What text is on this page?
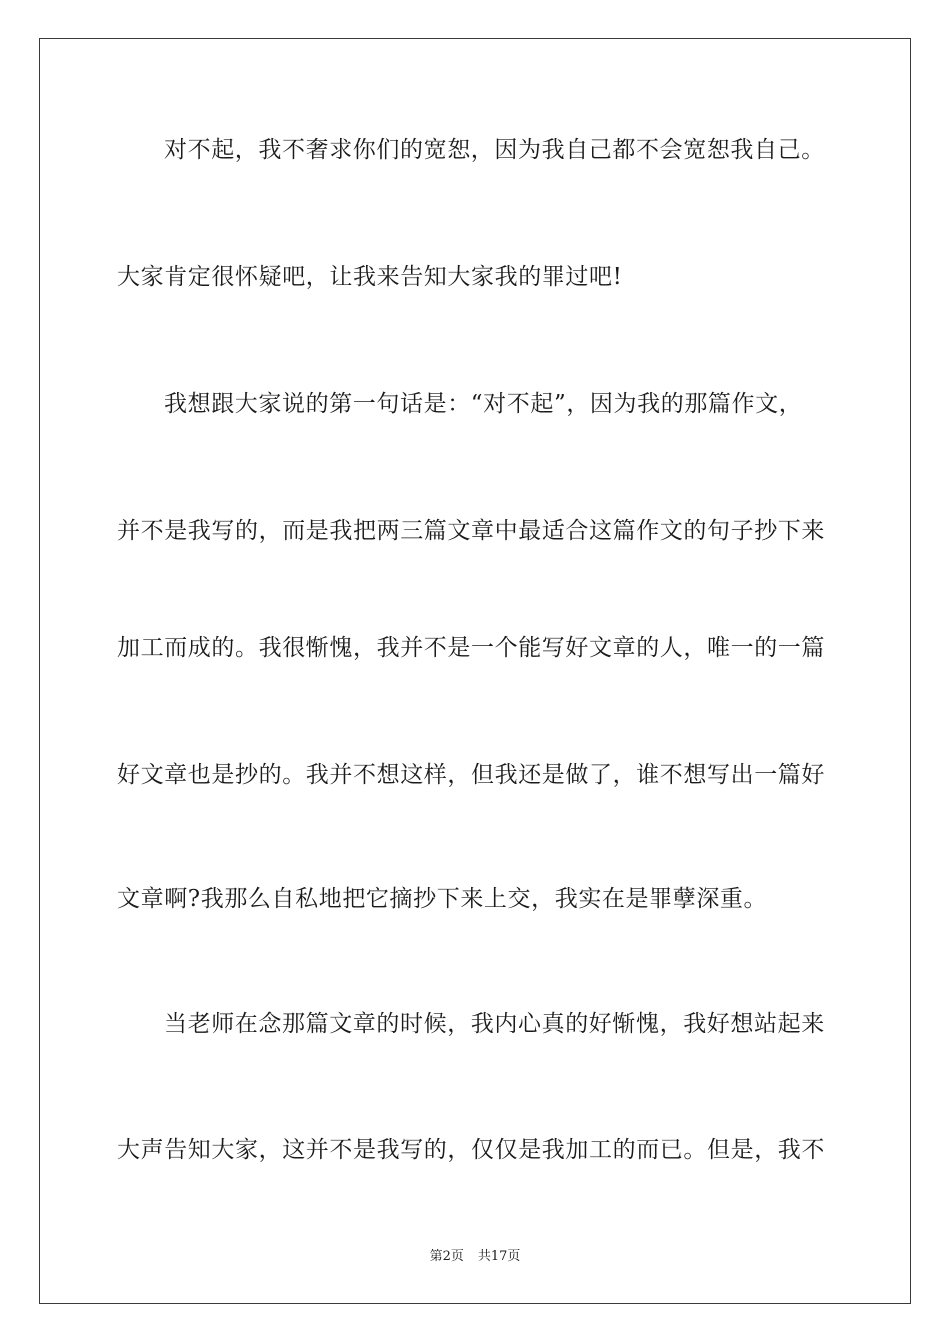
对不起，我不奢求你们的宽恕，因为我自己都不会宽恕我自己。
大家肯定很怀疑吧，让我来告知大家我的罪过吧!
我想跟大家说的第一句话是：“对不起”，因为我的那篇作文，
并不是我写的，而是我把两三篇文章中最适合这篇作文的句子抄下来
加工而成的。我很惭愧，我并不是一个能写好文章的人，唯一的一篇
好文章也是抄的。我并不想这样，但我还是做了，谁不想写出一篇好
文章啊?我那么自私地把它摘抄下来上交，我实在是罪孽深重。
当老师在念那篇文章的时候，我内心真的好惭愧，我好想站起来
大声告知大家，这并不是我写的，仅仅是我加工的而已。但是，我不
第2页 共17页
